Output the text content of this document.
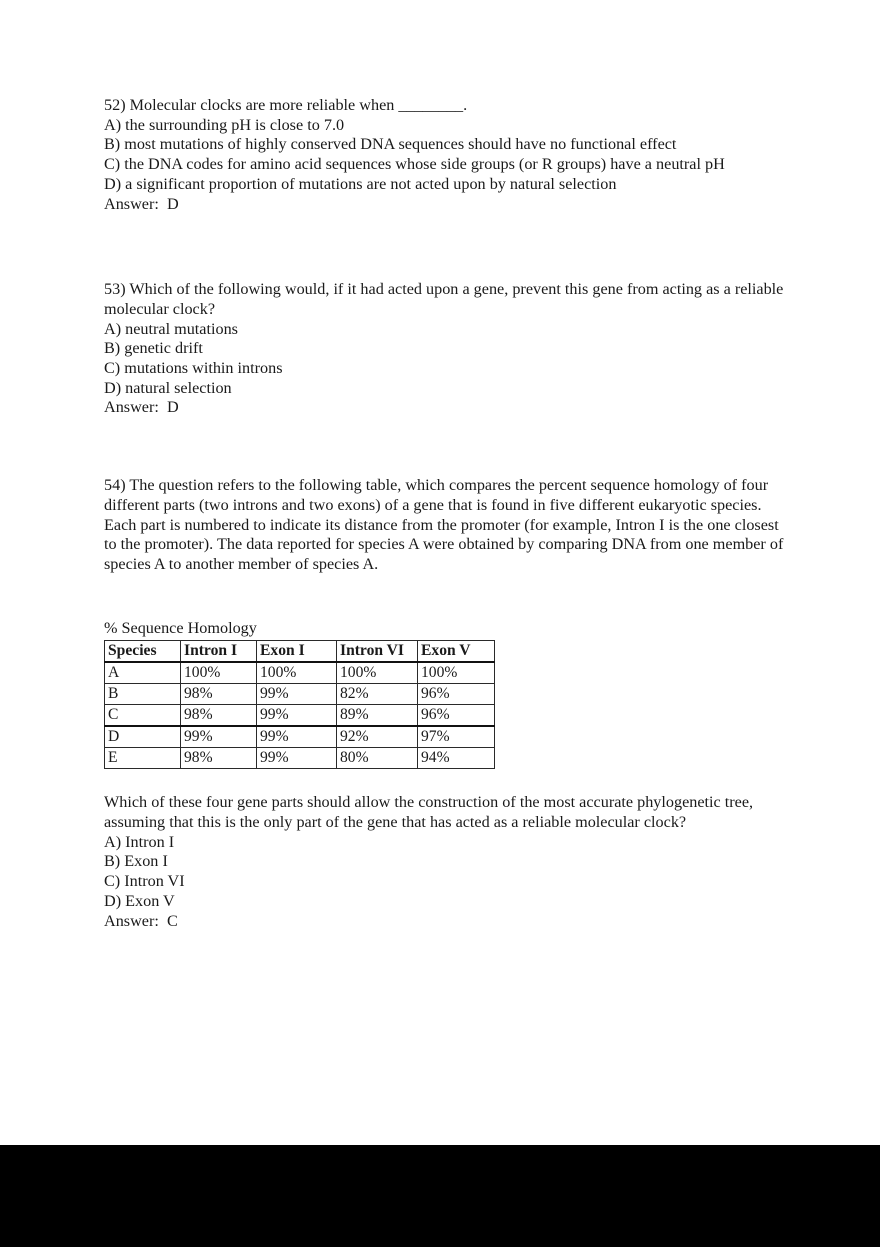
52) Molecular clocks are more reliable when ________.
A) the surrounding pH is close to 7.0
B) most mutations of highly conserved DNA sequences should have no functional effect
C) the DNA codes for amino acid sequences whose side groups (or R groups) have a neutral pH
D) a significant proportion of mutations are not acted upon by natural selection
Answer:  D
53) Which of the following would, if it had acted upon a gene, prevent this gene from acting as a reliable molecular clock?
A) neutral mutations
B) genetic drift
C) mutations within introns
D) natural selection
Answer:  D
54) The question refers to the following table, which compares the percent sequence homology of four different parts (two introns and two exons) of a gene that is found in five different eukaryotic species. Each part is numbered to indicate its distance from the promoter (for example, Intron I is the one closest to the promoter). The data reported for species A were obtained by comparing DNA from one member of species A to another member of species A.
% Sequence Homology
Species	Intron I	Exon I	Intron VI	Exon V
A	100%	100%	100%	100%
B	98%	99%	82%	96%
C	98%	99%	89%	96%
D	99%	99%	92%	97%
E	98%	99%	80%	94%
Which of these four gene parts should allow the construction of the most accurate phylogenetic tree, assuming that this is the only part of the gene that has acted as a reliable molecular clock?
A) Intron I
B) Exon I
C) Intron VI
D) Exon V
Answer:  C
